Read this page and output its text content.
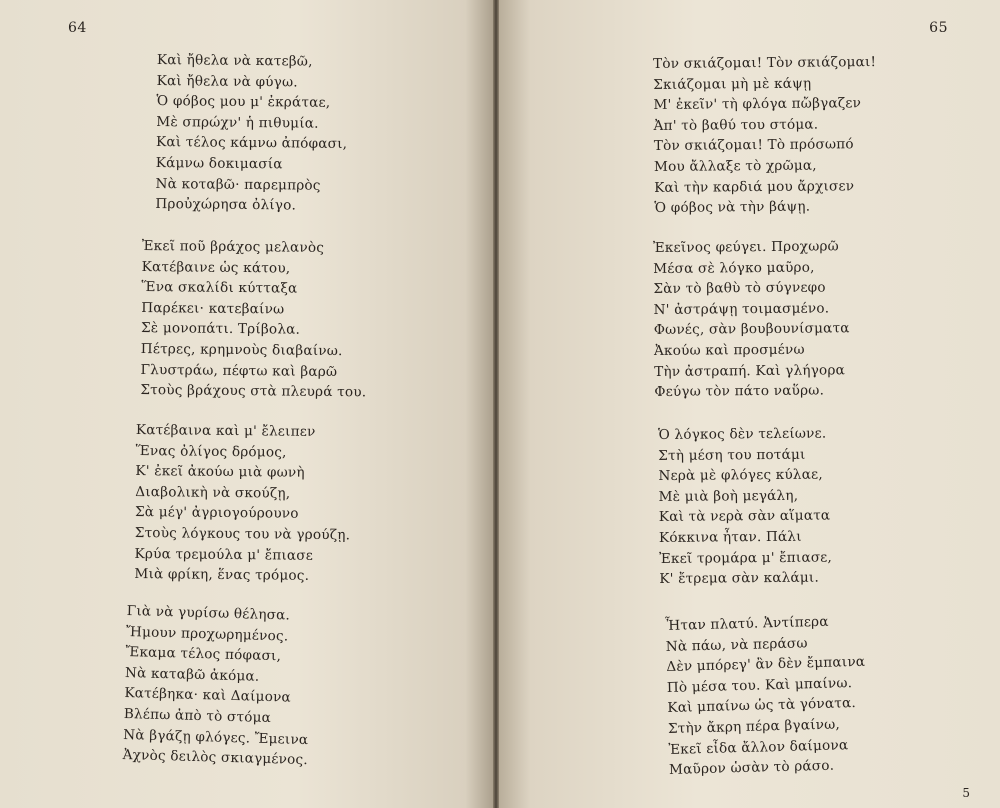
64
Καὶ ἤθελα νὰ κατεβῶ,
Καὶ ἤθελα νὰ φύγω.
Ὁ φόβος μου μ' ἐκράταε,
Μὲ σπρώχν' ἡ πιθυμία.
Καὶ τέλος κάμνω ἀπόφασι,
Κάμνω δοκιμασία
Νὰ κοταβῶ· παρεμπρὸς
Προὐχώρησα ὀλίγο.
Ἐκεῖ ποῦ βράχος μελανὸς
Κατέβαινε ὡς κάτου,
Ἕνα σκαλίδι κύτταξα
Παρέκει· κατεβαίνω
Σὲ μονοπάτι. Τρίβολα.
Πέτρες, κρημνοὺς διαβαίνω.
Γλυστράω, πέφτω καὶ βαρῶ
Στοὺς βράχους στὰ πλευρά του.
Κατέβαινα καὶ μ' ἔλειπεν
Ἕνας ὀλίγος δρόμος,
Κ' ἐκεῖ ἀκούω μιὰ φωνὴ
Διαβολικὴ νὰ σκούζῃ,
Σὰ μέγ' ἀγριογούρουνο
Στοὺς λόγκους του νὰ γρούζῃ.
Κρύα τρεμούλα μ' ἔπιασε
Μιὰ φρίκη, ἕνας τρόμος.
Γιὰ νὰ γυρίσω θέλησα.
Ἤμουν προχωρημένος.
Ἔκαμα τέλος πόφασι,
Νὰ καταβῶ ἀκόμα.
Κατέβηκα· καὶ Δαίμονα
Βλέπω ἀπὸ τὸ στόμα
Νὰ βγάζῃ φλόγες. Ἔμεινα
Ἀχνὸς δειλὸς σκιαγμένος.
65
Τὸν σκιάζομαι! Τὸν σκιάζομαι!
Σκιάζομαι μὴ μὲ κάψῃ
Μ' ἐκεῖν' τὴ φλόγα πὤβγαζεν
Ἀπ' τὸ βαθύ του στόμα.
Τὸν σκιάζομαι! Τὸ πρόσωπό
Μου ἄλλαξε τὸ χρῶμα,
Καὶ τὴν καρδιά μου ἄρχισεν
Ὁ φόβος νὰ τὴν βάψῃ.
Ἐκεῖνος φεύγει. Προχωρῶ
Μέσα σὲ λόγκο μαῦρο,
Σὰν τὸ βαθὺ τὸ σύγνεφο
Ν' ἀστράψῃ τοιμασμένο.
Φωνές, σὰν βουβουνίσματα
Ἀκούω καὶ προσμένω
Τὴν ἀστραπή. Καὶ γλήγορα
Φεύγω τὸν πάτο ναὕρω.
Ὁ λόγκος δὲν τελείωνε.
Στὴ μέση του ποτάμι
Νερὰ μὲ φλόγες κύλαε,
Μὲ μιὰ βοὴ μεγάλη,
Καὶ τὰ νερὰ σὰν αἵματα
Κόκκινα ἦταν. Πάλι
Ἐκεῖ τρομάρα μ' ἔπιασε,
Κ' ἔτρεμα σὰν καλάμι.
Ἦταν πλατύ. Ἀντίπερα
Νὰ πάω, νὰ περάσω
Δὲν μπόρεγ' ἂν δὲν ἔμπαινα
Πὸ μέσα του. Καὶ μπαίνω.
Καὶ μπαίνω ὡς τὰ γόνατα.
Στὴν ἄκρη πέρα βγαίνω,
Ἐκεῖ εἶδα ἄλλον δαίμονα
Μαῦρον ὡσὰν τὸ ράσο.
5
